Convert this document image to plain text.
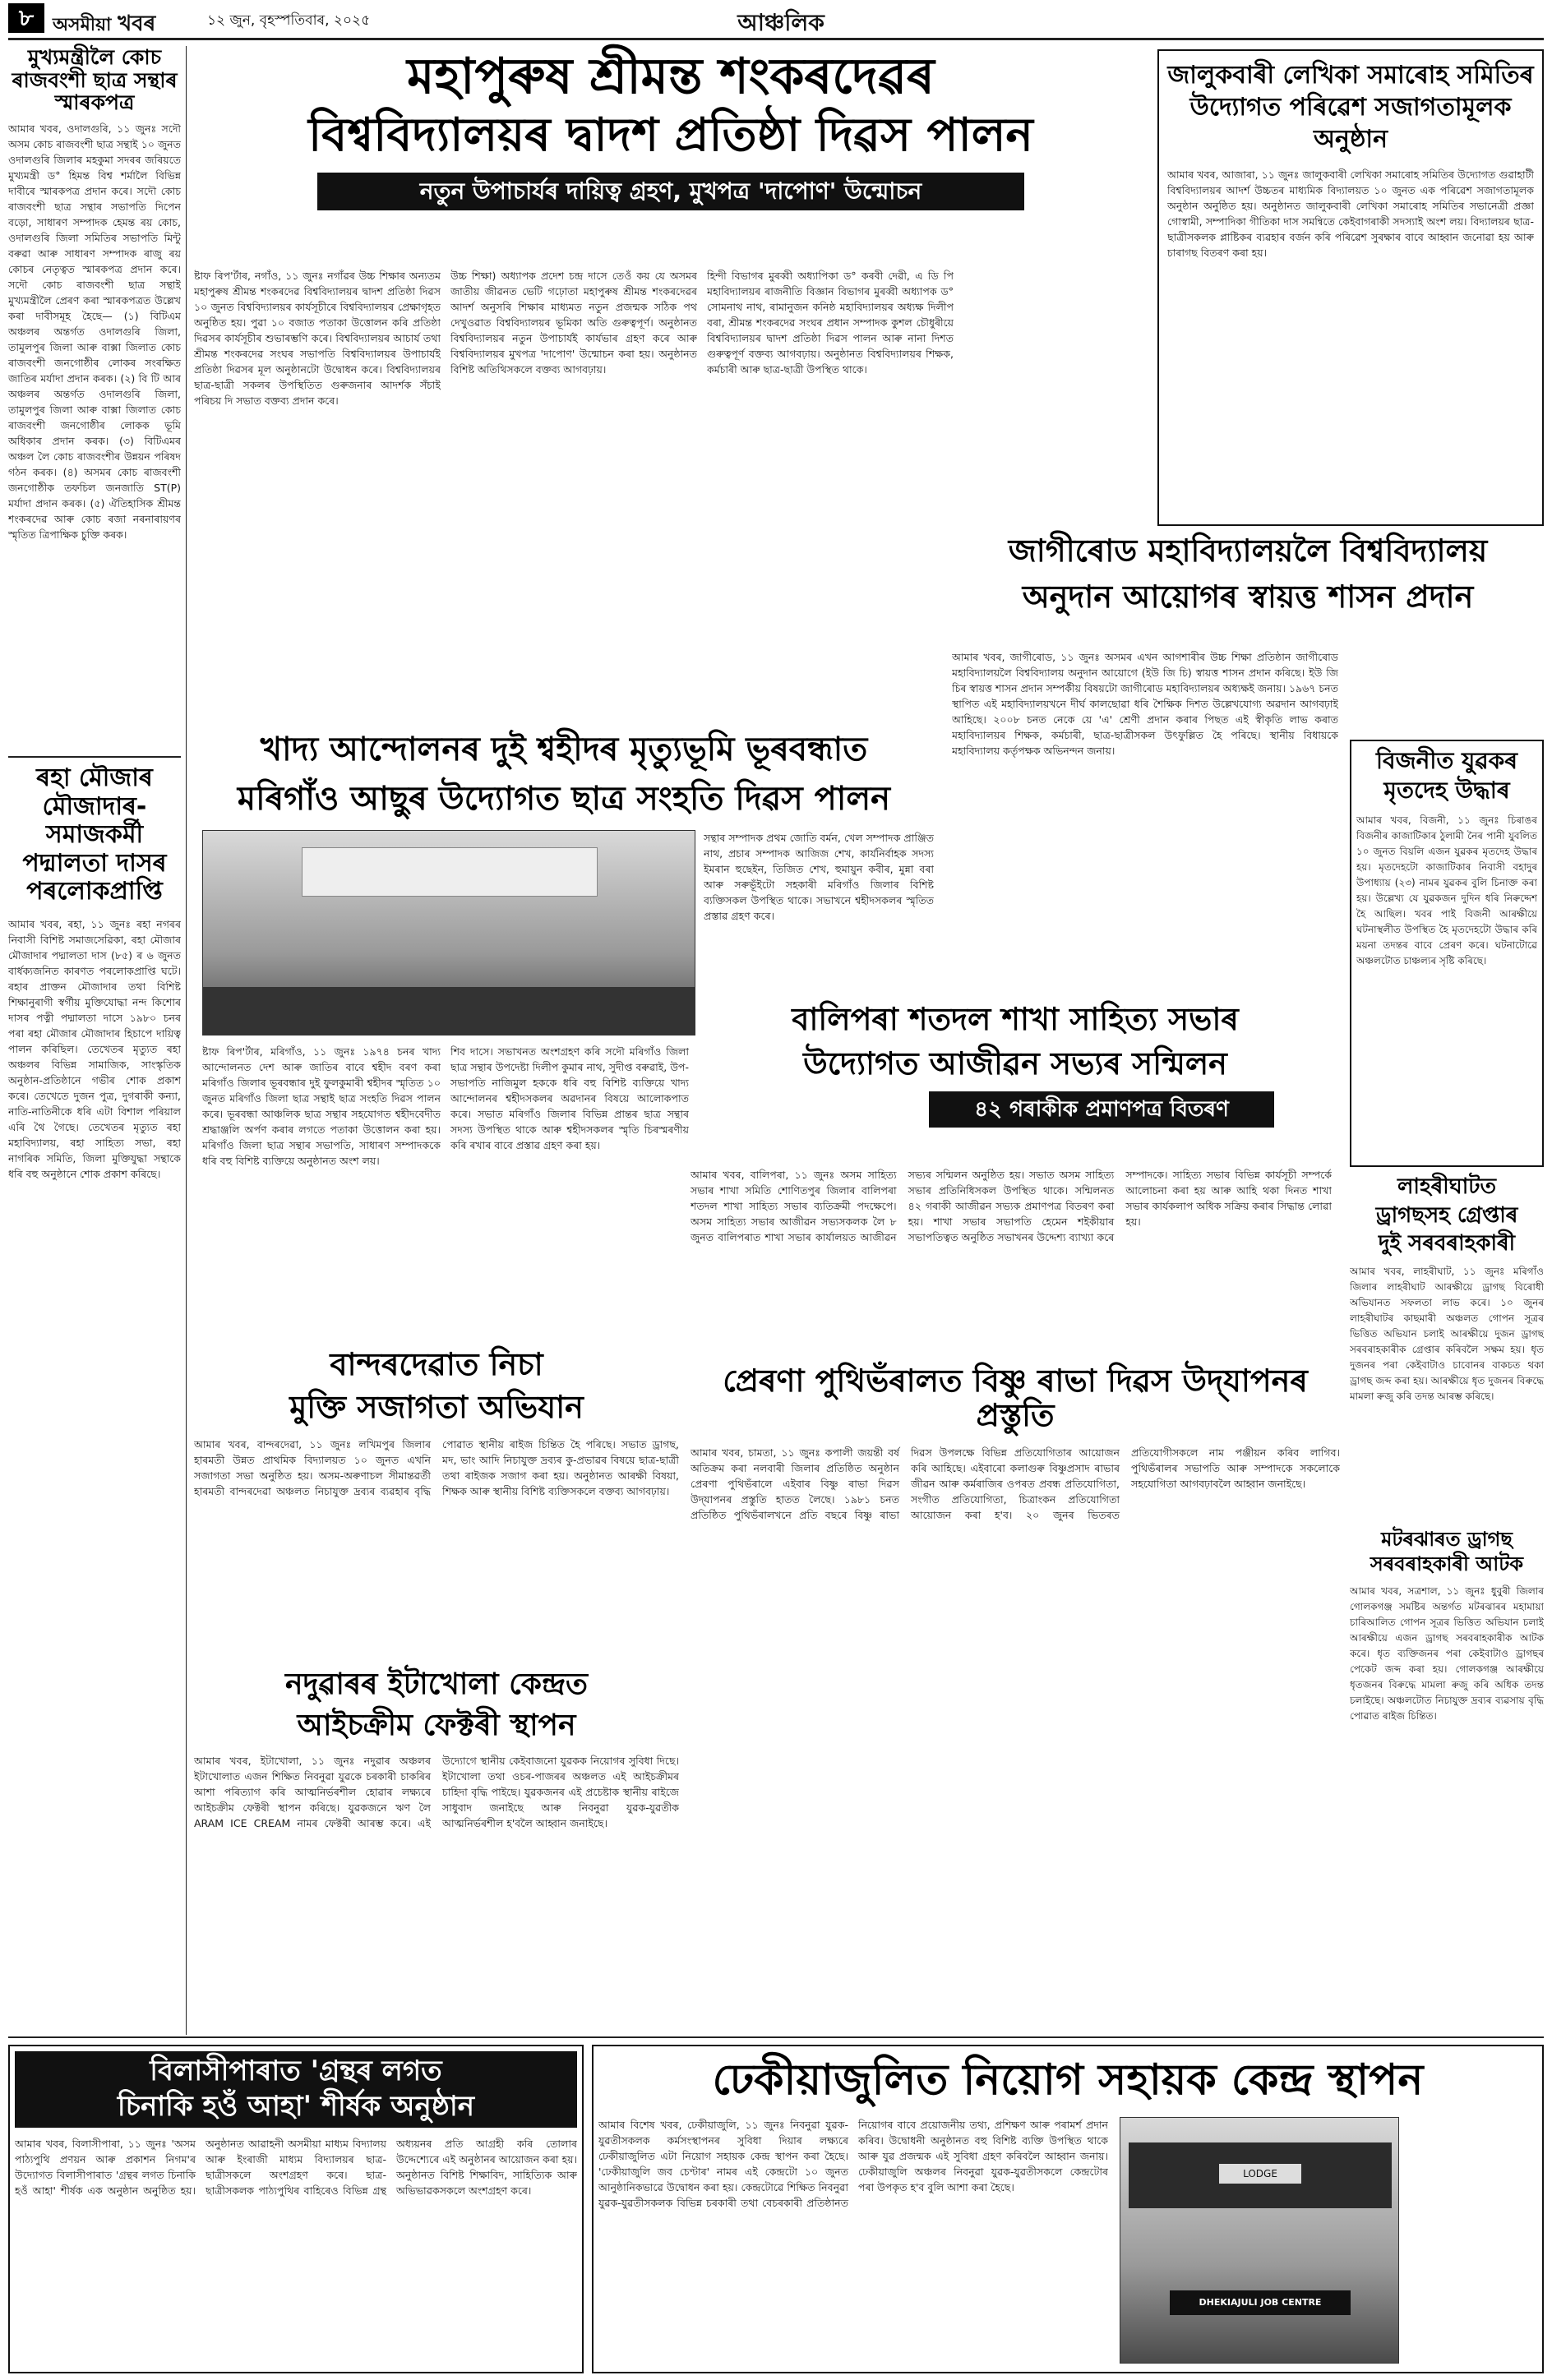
৮	অসমীয়া খবৰ	১২ জুন, বৃহস্পতিবাৰ, ২০২৫	আঞ্চলিক
মুখ্যমন্ত্ৰীলৈ কোচ ৰাজবংশী ছাত্ৰ সন্থাৰ স্মাৰকপত্ৰ
আমাৰ খবৰ, ওদালগুৰি, ১১ জুনঃ সদৌ অসম কোচ ৰাজবংশী ছাত্ৰ সন্থাই ১০ জুনত ওদালগুৰি জিলাৰ মহকুমা সদৰৰ জৰিয়তে মুখ্যমন্ত্ৰী ড° হিমন্ত বিশ্ব শৰ্মালৈ বিভিন্ন দাবীৰে স্মাৰকপত্ৰ প্ৰদান কৰে। সদৌ কোচ ৰাজবংশী ছাত্ৰ সন্থাৰ সভাপতি দিপেন বড়ো, সাধাৰণ সম্পাদক হেমন্ত ৰয় কোচ, ওদালগুৰি জিলা সমিতিৰ সভাপতি মিন্টু বৰুৱা আৰু সাধাৰণ সম্পাদক ৰাজু ৰয় কোচৰ নেতৃত্বত স্মাৰকপত্ৰ প্ৰদান কৰে। সদৌ কোচ ৰাজবংশী ছাত্ৰ সন্থাই মুখ্যমন্ত্ৰীলৈ প্ৰেৰণ কৰা স্মাৰকপত্ৰত উল্লেখ কৰা দাবীসমূহ হৈছে— (১) বিটিএম অঞ্চলৰ অন্তৰ্গত ওদালগুৰি জিলা, তামুলপুৰ জিলা আৰু বাক্সা জিলাত কোচ ৰাজবংশী জনগোষ্ঠীৰ লোকৰ সংৰক্ষিত জাতিৰ মৰ্যাদা প্ৰদান কৰক। (২) বি টি আৰ অঞ্চলৰ অন্তৰ্গত ওদালগুৰি জিলা, তামুলপুৰ জিলা আৰু বাক্সা জিলাত কোচ ৰাজবংশী জনগোষ্ঠীৰ লোকক ভূমি অধিকাৰ প্ৰদান কৰক। (৩) বিটিএমৰ অঞ্চল লৈ কোচ ৰাজবংশীৰ উন্নয়ন পৰিষদ গঠন কৰক। (৪) অসমৰ কোচ ৰাজবংশী জনগোষ্ঠীক তফচিল জনজাতি ST(P) মৰ্যাদা প্ৰদান কৰক। (৫) ঐতিহাসিক শ্ৰীমন্ত শংকৰদেৱ আৰু কোচ ৰজা নৰনাৰায়ণৰ স্মৃতিত ত্ৰিপাক্ষিক চুক্তি কৰক।
ৰহা মৌজাৰ মৌজাদাৰ-সমাজকৰ্মী পদ্মালতা দাসৰ পৰলোকপ্ৰাপ্তি
আমাৰ খবৰ, ৰহা, ১১ জুনঃ ৰহা নগৰৰ নিবাসী বিশিষ্ট সমাজসেৱিকা, ৰহা মৌজাৰ মৌজাদাৰ পদ্মালতা দাস (৮৫) ৰ ৬ জুনত বাৰ্ধক্যজনিত কাৰণত পৰলোকপ্ৰাপ্তি ঘটে। ৰহাৰ প্ৰাক্তন মৌজাদাৰ তথা বিশিষ্ট শিক্ষানুৰাগী স্বৰ্গীয় মুক্তিযোদ্ধা নন্দ কিশোৰ দাসৰ পত্নী পদ্মালতা দাসে ১৯৮০ চনৰ পৰা ৰহা মৌজাৰ মৌজাদাৰ হিচাপে দায়িত্ব পালন কৰিছিল। তেখেতৰ মৃত্যুত ৰহা অঞ্চলৰ বিভিন্ন সামাজিক, সাংস্কৃতিক অনুষ্ঠান-প্ৰতিষ্ঠানে গভীৰ শোক প্ৰকাশ কৰে। তেখেতে দুজন পুত্ৰ, দুগৰাকী কন্যা, নাতি-নাতিনীকে ধৰি এটা বিশাল পৰিয়াল এৰি থৈ গৈছে। তেখেতৰ মৃত্যুত ৰহা মহাবিদ্যালয়, ৰহা সাহিত্য সভা, ৰহা নাগৰিক সমিতি, জিলা মুক্তিযুদ্ধা সন্থাকে ধৰি বহু অনুষ্ঠানে শোক প্ৰকাশ কৰিছে।
মহাপুৰুষ শ্ৰীমন্ত শংকৰদেৱৰ
বিশ্ববিদ্যালয়ৰ দ্বাদশ প্ৰতিষ্ঠা দিৱস পালন
নতুন উপাচাৰ্যৰ দায়িত্ব গ্ৰহণ, মুখপত্ৰ 'দাপোণ' উন্মোচন
ষ্টাফ ৰিপ'ৰ্টাৰ, নগাঁও, ১১ জুনঃ নগাঁৱৰ উচ্চ শিক্ষাৰ অন্যতম মহাপুৰুষ শ্ৰীমন্ত শংকৰদেৱ বিশ্ববিদ্যালয়ৰ দ্বাদশ প্ৰতিষ্ঠা দিৱস ১০ জুনত বিশ্ববিদ্যালয়ৰ কাৰ্যসূচীৰে বিশ্ববিদ্যালয়ৰ প্ৰেক্ষাগৃহত অনুষ্ঠিত হয়। পুৱা ১০ বজাত পতাকা উত্তোলন কৰি প্ৰতিষ্ঠা দিৱসৰ কাৰ্যসূচীৰ শুভাৰম্ভণি কৰে। বিশ্ববিদ্যালয়ৰ আচাৰ্য তথা শ্ৰীমন্ত শংকৰদেৱ সংঘৰ সভাপতি বিশ্ববিদ্যালয়ৰ উপাচাৰ্যই প্ৰতিষ্ঠা দিৱসৰ মূল অনুষ্ঠানটো উদ্বোধন কৰে। বিশ্ববিদ্যালয়ৰ ছাত্ৰ-ছাত্ৰী সকলৰ উপস্থিতিত গুৰুজনাৰ আদৰ্শক সঁচাই পৰিচয় দি সভাত বক্তব্য প্ৰদান কৰে।
উচ্চ শিক্ষা) অধ্যাপক প্ৰদেশ চন্দ্ৰ দাসে তেওঁ কয় যে অসমৰ জাতীয় জীৱনত ভেটি গঢ়োতা মহাপুৰুষ শ্ৰীমন্ত শংকৰদেৱৰ আদৰ্শ অনুসৰি শিক্ষাৰ মাধ্যমত নতুন প্ৰজন্মক সঠিক পথ দেখুওৱাত বিশ্ববিদ্যালয়ৰ ভূমিকা অতি গুৰুত্বপূৰ্ণ। অনুষ্ঠানত বিশ্ববিদ্যালয়ৰ নতুন উপাচাৰ্যই কাৰ্যভাৰ গ্ৰহণ কৰে আৰু বিশ্ববিদ্যালয়ৰ মুখপত্ৰ 'দাপোণ' উন্মোচন কৰা হয়। অনুষ্ঠানত বিশিষ্ট অতিথিসকলে বক্তব্য আগবঢ়ায়।
হিন্দী বিভাগৰ মুৰব্বী অধ্যাপিকা ড° কৰবী দেৱী, এ ডি পি মহাবিদ্যালয়ৰ ৰাজনীতি বিজ্ঞান বিভাগৰ মুৰব্বী অধ্যাপক ড° সোমনাথ নাথ, ৰামানুজন কনিষ্ঠ মহাবিদ্যালয়ৰ অধ্যক্ষ দিলীপ বৰা, শ্ৰীমন্ত শংকৰদেৱ সংঘৰ প্ৰধান সম্পাদক কুশল চৌধুৰীয়ে বিশ্ববিদ্যালয়ৰ দ্বাদশ প্ৰতিষ্ঠা দিৱস পালন আৰু নানা দিশত গুৰুত্বপূৰ্ণ বক্তব্য আগবঢ়ায়। অনুষ্ঠানত বিশ্ববিদ্যালয়ৰ শিক্ষক, কৰ্মচাৰী আৰু ছাত্ৰ-ছাত্ৰী উপস্থিত থাকে।
জালুকবাৰী লেখিকা সমাৰোহ সমিতিৰ উদ্যোগত পৰিৱেশ সজাগতামূলক অনুষ্ঠান
আমাৰ খবৰ, আজাৰা, ১১ জুনঃ জালুকবাৰী লেখিকা সমাৰোহ সমিতিৰ উদ্যোগত গুৱাহাটী বিশ্ববিদ্যালয়ৰ আদৰ্শ উচ্চতৰ মাধ্যমিক বিদ্যালয়ত ১০ জুনত এক পৰিৱেশ সজাগতামূলক অনুষ্ঠান অনুষ্ঠিত হয়। অনুষ্ঠানত জালুকবাৰী লেখিকা সমাৰোহ সমিতিৰ সভানেত্ৰী প্ৰজ্ঞা গোস্বামী, সম্পাদিকা গীতিকা দাস সমন্বিতে কেইবাগৰাকী সদস্যাই অংশ লয়। বিদ্যালয়ৰ ছাত্ৰ-ছাত্ৰীসকলক প্লাষ্টিকৰ ব্যৱহাৰ বৰ্জন কৰি পৰিৱেশ সুৰক্ষাৰ বাবে আহ্বান জনোৱা হয় আৰু চাৰাগছ বিতৰণ কৰা হয়।
জাগীৰোড মহাবিদ্যালয়লৈ বিশ্ববিদ্যালয়
অনুদান আয়োগৰ স্বায়ত্ত শাসন প্ৰদান
আমাৰ খবৰ, জাগীৰোড, ১১ জুনঃ অসমৰ এখন আগশাৰীৰ উচ্চ শিক্ষা প্ৰতিষ্ঠান জাগীৰোড মহাবিদ্যালয়লৈ বিশ্ববিদ্যালয় অনুদান আয়োগে (ইউ জি চি) স্বায়ত্ত শাসন প্ৰদান কৰিছে। ইউ জি চিৰ স্বায়ত্ত শাসন প্ৰদান সম্পৰ্কীয় বিষয়টো জাগীৰোড মহাবিদ্যালয়ৰ অধ্যক্ষই জনায়। ১৯৬৭ চনত স্থাপিত এই মহাবিদ্যালয়খনে দীৰ্ঘ কালছোৱা ধৰি শৈক্ষিক দিশত উল্লেখযোগ্য অৱদান আগবঢ়াই আহিছে। ২০০৮ চনত নেকে য়ে 'এ' শ্ৰেণী প্ৰদান কৰাৰ পিছত এই স্বীকৃতি লাভ কৰাত মহাবিদ্যালয়ৰ শিক্ষক, কৰ্মচাৰী, ছাত্ৰ-ছাত্ৰীসকল উৎফুল্লিত হৈ পৰিছে। স্থানীয় বিধায়কে মহাবিদ্যালয় কৰ্তৃপক্ষক অভিনন্দন জনায়।	বিজনীত যুৱকৰ মৃতদেহ উদ্ধাৰ
আমাৰ খবৰ, বিজনী, ১১ জুনঃ চিৰাঙৰ বিজনীৰ কাজাটিকাৰ ঠুলামী নৈৰ পানী যুবলিত ১০ জুনত বিয়লি এজন যুৱকৰ মৃতদেহ উদ্ধাৰ হয়। মৃতদেহটো কাজাটিকাৰ নিবাসী বহাদুৰ উপাধ্যায় (২৩) নামৰ যুৱকৰ বুলি চিনাক্ত কৰা হয়। উল্লেখ্য যে যুৱকজন দুদিন ধৰি নিৰুদ্দেশ হৈ আছিল। খবৰ পাই বিজনী আৰক্ষীয়ে ঘটনাস্থলীত উপস্থিত হৈ মৃতদেহটো উদ্ধাৰ কৰি ময়না তদন্তৰ বাবে প্ৰেৰণ কৰে। ঘটনাটোৱে অঞ্চলটোত চাঞ্চল্যৰ সৃষ্টি কৰিছে।
খাদ্য আন্দোলনৰ দুই শ্বহীদৰ মৃত্যুভূমি ভূৰবন্ধাত
মৰিগাঁও আছুৰ উদ্যোগত ছাত্ৰ সংহতি দিৱস পালন
সন্থাৰ সম্পাদক প্ৰথম জোতি বৰ্মন, খেল সম্পাদক প্ৰাঞ্জিত নাথ, প্ৰচাৰ সম্পাদক আজিজ শেখ, কাৰ্যনিৰ্বাহক সদস্য ইমৰান হুছেইন, তিজিত শেখ, হুমায়ুন কবীৰ, মুন্না বৰা আৰু সৰুভূঁইটো সহকাৰী মৰিগাঁও জিলাৰ বিশিষ্ট ব্যক্তিসকল উপস্থিত থাকে। সভাখনে শ্বহীদসকলৰ স্মৃতিত প্ৰস্তাৱ গ্ৰহণ কৰে।
ষ্টাফ ৰিপ'ৰ্টাৰ, মৰিগাঁও, ১১ জুনঃ ১৯৭৪ চনৰ খাদ্য আন্দোলনত দেশ আৰু জাতিৰ বাবে শ্বহীদ বৰণ কৰা মৰিগাঁও জিলাৰ ভূৰবন্ধাৰ দুই ফুলকুমাৰী শ্বহীদৰ স্মৃতিত ১০ জুনত মৰিগাঁও জিলা ছাত্ৰ সন্থাই ছাত্ৰ সংহতি দিৱস পালন কৰে। ভূৰবন্ধা আঞ্চলিক ছাত্ৰ সন্থাৰ সহযোগত শ্বহীদবেদীত শ্ৰদ্ধাঞ্জলি অৰ্পণ কৰাৰ লগতে পতাকা উত্তোলন কৰা হয়। মৰিগাঁও জিলা ছাত্ৰ সন্থাৰ সভাপতি, সাধাৰণ সম্পাদককে ধৰি বহু বিশিষ্ট ব্যক্তিয়ে অনুষ্ঠানত অংশ লয়।
শিব দাসে। সভাখনত অংশগ্ৰহণ কৰি সদৌ মৰিগাঁও জিলা ছাত্ৰ সন্থাৰ উপদেষ্টা দিলীপ কুমাৰ নাথ, সুদীপ্ত বৰুৱাই, উপ-সভাপতি নাজিমুল হককে ধৰি বহু বিশিষ্ট ব্যক্তিয়ে খাদ্য আন্দোলনৰ শ্বহীদসকলৰ অৱদানৰ বিষয়ে আলোকপাত কৰে। সভাত মৰিগাঁও জিলাৰ বিভিন্ন প্ৰান্তৰ ছাত্ৰ সন্থাৰ সদস্য উপস্থিত থাকে আৰু শ্বহীদসকলৰ স্মৃতি চিৰস্মৰণীয় কৰি ৰখাৰ বাবে প্ৰস্তাৱ গ্ৰহণ কৰা হয়।
বালিপৰা শতদল শাখা সাহিত্য সভাৰ
উদ্যোগত আজীৱন সভ্যৰ সন্মিলন
৪২ গৰাকীক প্ৰমাণপত্ৰ বিতৰণ
আমাৰ খবৰ, বালিপৰা, ১১ জুনঃ অসম সাহিত্য সভাৰ শাখা সমিতি শোণিতপুৰ জিলাৰ বালিপৰা শতদল শাখা সাহিত্য সভাৰ ব্যতিক্ৰমী পদক্ষেপে। অসম সাহিত্য সভাৰ আজীৱন সভ্যসকলক লৈ ৮ জুনত বালিপৰাত শাখা সভাৰ কাৰ্যালয়ত আজীৱন সভ্যৰ সন্মিলন অনুষ্ঠিত হয়। সভাত অসম সাহিত্য সভাৰ প্ৰতিনিধিসকল উপস্থিত থাকে। সন্মিলনত ৪২ গৰাকী আজীৱন সভ্যক প্ৰমাণপত্ৰ বিতৰণ কৰা হয়। শাখা সভাৰ সভাপতি হেমেন শইকীয়াৰ সভাপতিত্বত অনুষ্ঠিত সভাখনৰ উদ্দেশ্য ব্যাখ্যা কৰে সম্পাদকে। সাহিত্য সভাৰ বিভিন্ন কাৰ্যসূচী সম্পৰ্কে আলোচনা কৰা হয় আৰু আহি থকা দিনত শাখা সভাৰ কাৰ্যকলাপ অধিক সক্ৰিয় কৰাৰ সিদ্ধান্ত লোৱা হয়।
লাহৰীঘাটত
ড্ৰাগছসহ গ্ৰেপ্তাৰ
দুই সৰবৰাহকাৰী
আমাৰ খবৰ, লাহৰীঘাট, ১১ জুনঃ মৰিগাঁও জিলাৰ লাহৰীঘাট আৰক্ষীয়ে ড্ৰাগছ বিৰোধী অভিযানত সফলতা লাভ কৰে। ১০ জুনৰ লাহৰীঘাটৰ কাছমাৰী অঞ্চলত গোপন সূত্ৰৰ ভিত্তিত অভিযান চলাই আৰক্ষীয়ে দুজন ড্ৰাগছ সৰবৰাহকাৰীক গ্ৰেপ্তাৰ কৰিবলৈ সক্ষম হয়। ধৃত দুজনৰ পৰা কেইবাটাও চাবোনৰ বাকচত থকা ড্ৰাগছ জব্দ কৰা হয়। আৰক্ষীয়ে ধৃত দুজনৰ বিৰুদ্ধে মামলা ৰুজু কৰি তদন্ত আৰম্ভ কৰিছে।
বান্দৰদেৱাত নিচা
মুক্তি সজাগতা অভিযান
আমাৰ খবৰ, বান্দৰদেৱা, ১১ জুনঃ লখিমপুৰ জিলাৰ হাৰমতী উন্নত প্ৰাথমিক বিদ্যালয়ত ১০ জুনত এখনি সজাগতা সভা অনুষ্ঠিত হয়। অসম-অৰুণাচল সীমান্তৱৰ্তী হাৰমতী বান্দৰদেৱা অঞ্চলত নিচাযুক্ত দ্ৰব্যৰ ব্যৱহাৰ বৃদ্ধি পোৱাত স্থানীয় ৰাইজ চিন্তিত হৈ পৰিছে। সভাত ড্ৰাগছ, মদ, ভাং আদি নিচাযুক্ত দ্ৰব্যৰ কু-প্ৰভাৱৰ বিষয়ে ছাত্ৰ-ছাত্ৰী তথা ৰাইজক সজাগ কৰা হয়। অনুষ্ঠানত আৰক্ষী বিষয়া, শিক্ষক আৰু স্থানীয় বিশিষ্ট ব্যক্তিসকলে বক্তব্য আগবঢ়ায়।
প্ৰেৰণা পুথিভঁৰালত বিষ্ণু ৰাভা দিৱস উদ্‌যাপনৰ প্ৰস্তুতি
আমাৰ খবৰ, চামতা, ১১ জুনঃ কপালী জয়ন্তী বৰ্ষ অতিক্ৰম কৰা নলবাৰী জিলাৰ প্ৰতিষ্ঠিত অনুষ্ঠান প্ৰেৰণা পুথিভঁৰালে এইবাৰ বিষ্ণু ৰাভা দিৱস উদ্‌যাপনৰ প্ৰস্তুতি হাতত লৈছে। ১৯৮১ চনত প্ৰতিষ্ঠিত পুথিভঁৰালখনে প্ৰতি বছৰে বিষ্ণু ৰাভা দিৱস উপলক্ষে বিভিন্ন প্ৰতিযোগিতাৰ আয়োজন কৰি আহিছে। এইবাৰো কলাগুৰু বিষ্ণুপ্ৰসাদ ৰাভাৰ জীৱন আৰু কৰ্মৰাজিৰ ওপৰত প্ৰবন্ধ প্ৰতিযোগিতা, সংগীত প্ৰতিযোগিতা, চিত্ৰাংকন প্ৰতিযোগিতা আয়োজন কৰা হ'ব। ২০ জুনৰ ভিতৰত প্ৰতিযোগীসকলে নাম পঞ্জীয়ন কৰিব লাগিব। পুথিভঁৰালৰ সভাপতি আৰু সম্পাদকে সকলোকে সহযোগিতা আগবঢ়াবলৈ আহ্বান জনাইছে।
মটৰঝাৰত ড্ৰাগছ
সৰবৰাহকাৰী আটক
আমাৰ খবৰ, সত্ৰশাল, ১১ জুনঃ ধুবুৰী জিলাৰ গোলকগঞ্জ সমষ্টিৰ অন্তৰ্গত মটৰঝাৰৰ মহামায়া চাৰিআলিত গোপন সূত্ৰৰ ভিত্তিত অভিযান চলাই আৰক্ষীয়ে এজন ড্ৰাগছ সৰবৰাহকাৰীক আটক কৰে। ধৃত ব্যক্তিজনৰ পৰা কেইবাটাও ড্ৰাগছৰ পেকেট জব্দ কৰা হয়। গোলকগঞ্জ আৰক্ষীয়ে ধৃতজনৰ বিৰুদ্ধে মামলা ৰুজু কৰি অধিক তদন্ত চলাইছে। অঞ্চলটোত নিচাযুক্ত দ্ৰব্যৰ ব্যৱসায় বৃদ্ধি পোৱাত ৰাইজ চিন্তিত।
নদুৱাৰৰ ইটাখোলা কেন্দ্ৰত
আইচক্ৰীম ফেক্টৰী স্থাপন
আমাৰ খবৰ, ইটাখোলা, ১১ জুনঃ নদুৱাৰ অঞ্চলৰ ইটাখোলাত এজন শিক্ষিত নিবনুৱা যুৱকে চৰকাৰী চাকৰিৰ আশা পৰিত্যাগ কৰি আত্মনিৰ্ভৰশীল হোৱাৰ লক্ষ্যৰে আইচক্ৰীম ফেক্টৰী স্থাপন কৰিছে। যুৱকজনে ঋণ লৈ ARAM ICE CREAM নামৰ ফেক্টৰী আৰম্ভ কৰে। এই উদ্যোগে স্থানীয় কেইবাজনো যুৱকক নিয়োগৰ সুবিধা দিছে। ইটাখোলা তথা ওচৰ-পাজৰৰ অঞ্চলত এই আইচক্ৰীমৰ চাহিদা বৃদ্ধি পাইছে। যুৱকজনৰ এই প্ৰচেষ্টাক স্থানীয় ৰাইজে সাধুবাদ জনাইছে আৰু নিবনুৱা যুৱক-যুৱতীক আত্মনিৰ্ভৰশীল হ'বলৈ আহ্বান জনাইছে।
বিলাসীপাৰাত 'গ্ৰন্থৰ লগত
চিনাকি হওঁ আহা' শীৰ্ষক অনুষ্ঠান
আমাৰ খবৰ, বিলাসীপাৰা, ১১ জুনঃ 'অসম পাঠ্যপুথি প্ৰণয়ন আৰু প্ৰকাশন নিগম'ৰ উদ্যোগত বিলাসীপাৰাত 'গ্ৰন্থৰ লগত চিনাকি হওঁ আহা' শীৰ্ষক এক অনুষ্ঠান অনুষ্ঠিত হয়। অনুষ্ঠানত আৱাহনী অসমীয়া মাধ্যম বিদ্যালয় আৰু ইংৰাজী মাধ্যম বিদ্যালয়ৰ ছাত্ৰ-ছাত্ৰীসকলে অংশগ্ৰহণ কৰে। ছাত্ৰ-ছাত্ৰীসকলক পাঠ্যপুথিৰ বাহিৰেও বিভিন্ন গ্ৰন্থ অধ্যয়নৰ প্ৰতি আগ্ৰহী কৰি তোলাৰ উদ্দেশ্যেৰে এই অনুষ্ঠানৰ আয়োজন কৰা হয়। অনুষ্ঠানত বিশিষ্ট শিক্ষাবিদ, সাহিত্যিক আৰু অভিভাৱকসকলে অংশগ্ৰহণ কৰে।
ঢেকীয়াজুলিত নিয়োগ সহায়ক কেন্দ্ৰ স্থাপন
আমাৰ বিশেষ খবৰ, ঢেকীয়াজুলি, ১১ জুনঃ নিবনুৱা যুৱক-যুৱতীসকলক কৰ্মসংস্থাপনৰ সুবিধা দিয়াৰ লক্ষ্যৰে ঢেকীয়াজুলিত এটা নিয়োগ সহায়ক কেন্দ্ৰ স্থাপন কৰা হৈছে। 'ঢেকীয়াজুলি জব চেণ্টাৰ' নামৰ এই কেন্দ্ৰটো ১০ জুনত আনুষ্ঠানিকভাৱে উদ্বোধন কৰা হয়। কেন্দ্ৰটোৱে শিক্ষিত নিবনুৱা যুৱক-যুৱতীসকলক বিভিন্ন চৰকাৰী তথা বেচৰকাৰী প্ৰতিষ্ঠানত নিয়োগৰ বাবে প্ৰয়োজনীয় তথ্য, প্ৰশিক্ষণ আৰু পৰামৰ্শ প্ৰদান কৰিব। উদ্বোধনী অনুষ্ঠানত বহু বিশিষ্ট ব্যক্তি উপস্থিত থাকে আৰু যুৱ প্ৰজন্মক এই সুবিধা গ্ৰহণ কৰিবলৈ আহ্বান জনায়। ঢেকীয়াজুলি অঞ্চলৰ নিবনুৱা যুৱক-যুৱতীসকলে কেন্দ্ৰটোৰ পৰা উপকৃত হ'ব বুলি আশা কৰা হৈছে।
LODGE
DHEKIAJULI JOB CENTRE
